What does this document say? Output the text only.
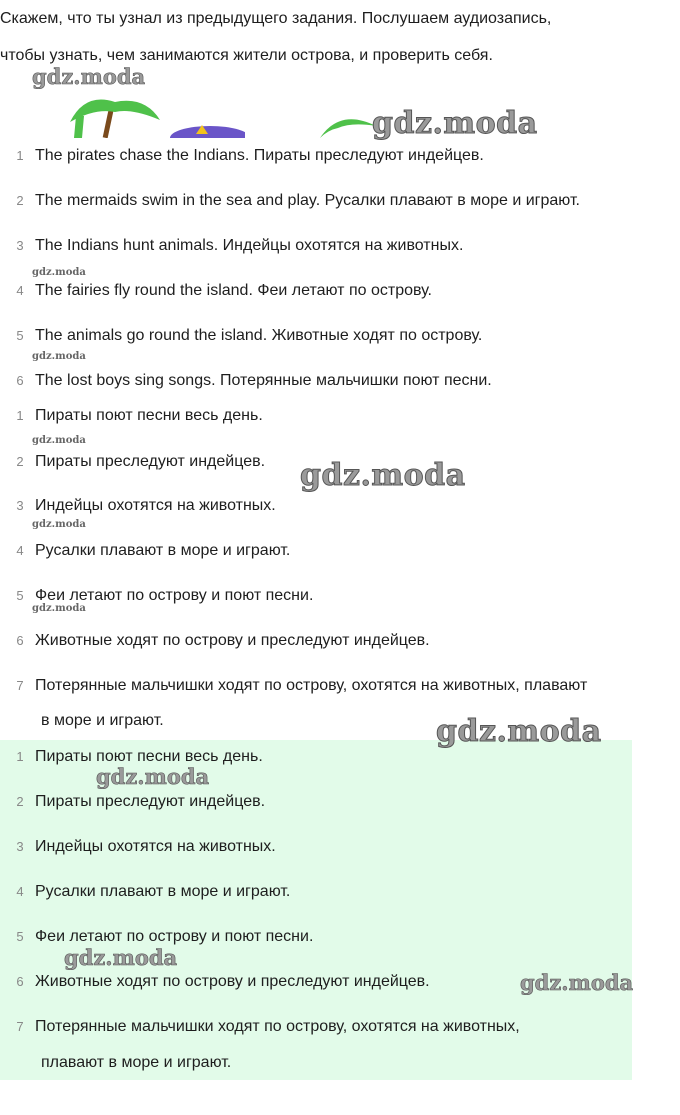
Скажем, что ты узнал из предыдущего задания. Послушаем аудиозапись,

чтобы узнать, чем занимаются жители острова, и проверить себя.

1 The pirates chase the Indians. Пираты преследуют индейцев.
2 The mermaids swim in the sea and play. Русалки плавают в море и играют.
3 The Indians hunt animals. Индейцы охотятся на животных.
4 The fairies fly round the island. Феи летают по острову.
5 The animals go round the island. Животные ходят по острову.
6 The lost boys sing songs. Потерянные мальчишки поют песни.
1 Пираты поют песни весь день.
2 Пираты преследуют индейцев.
3 Индейцы охотятся на животных.
4 Русалки плавают в море и играют.
5 Феи летают по острову и поют песни.
6 Животные ходят по острову и преследуют индейцев.
7 Потерянные мальчишки ходят по острову, охотятся на животных, плавают
в море и играют.
1 Пираты поют песни весь день.
2 Пираты преследуют индейцев.
3 Индейцы охотятся на животных.
4 Русалки плавают в море и играют.
5 Феи летают по острову и поют песни.
6 Животные ходят по острову и преследуют индейцев.
7 Потерянные мальчишки ходят по острову, охотятся на животных,
плавают в море и играют.
gdz.moda
gdz.moda
gdz.moda
gdz.moda
gdz.moda
gdz.moda
gdz.moda
gdz.moda
gdz.moda
gdz.moda
gdz.moda
gdz.moda
